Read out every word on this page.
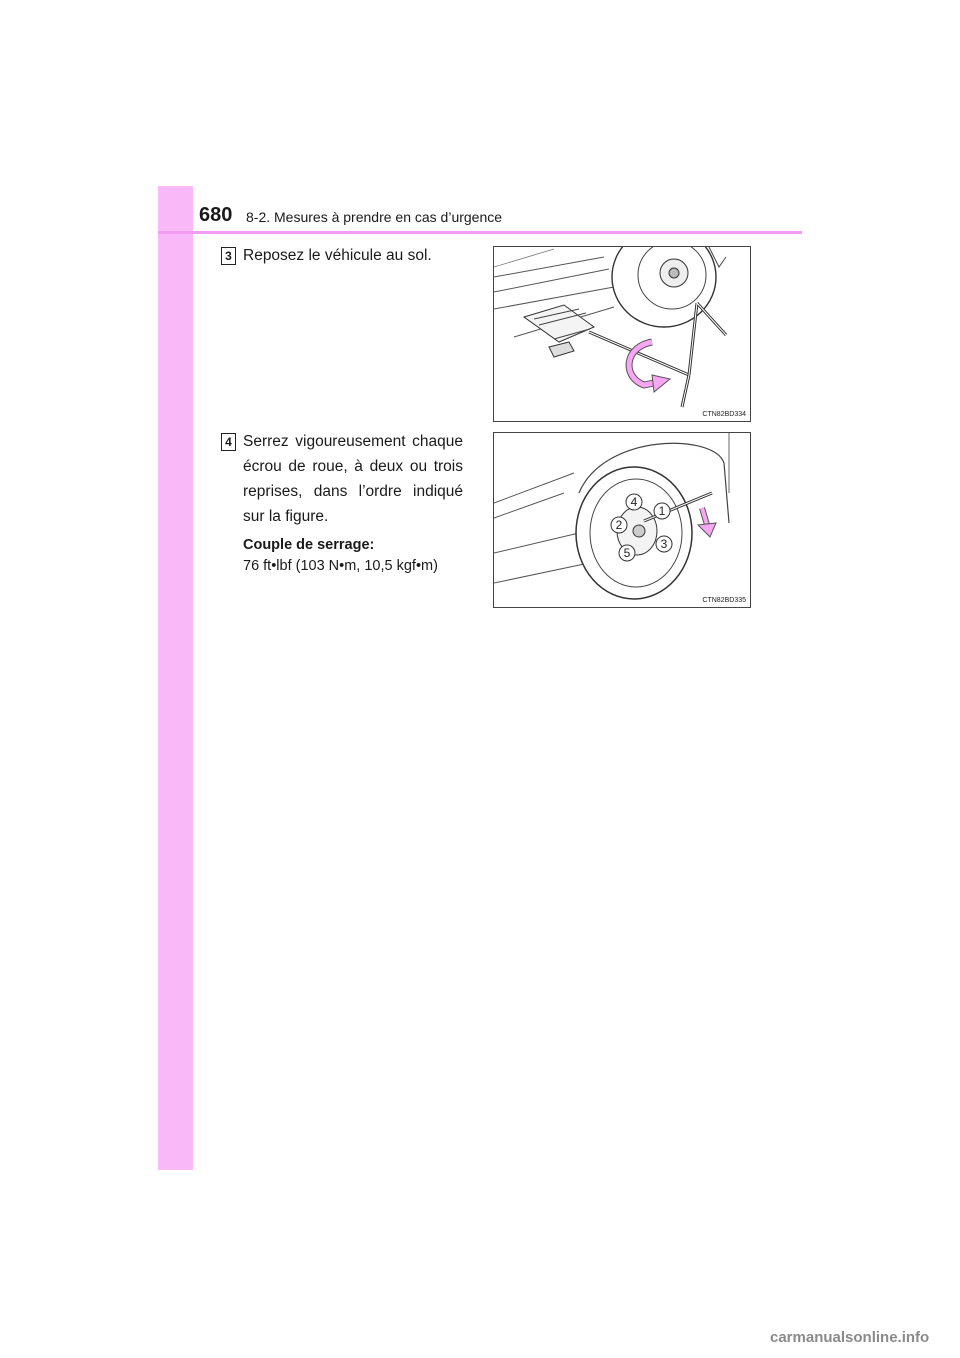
680 8-2. Mesures à prendre en cas d’urgence
3 Reposez le véhicule au sol.

CTN82BD334
4 Serrez vigoureusement chaque écrou de roue, à deux ou trois reprises, dans l’ordre indiqué sur la figure.

Couple de serrage:
76 ft•lbf (103 N•m, 10,5 kgf•m)

1
2
3
4
5
CTN82BD335
carmanualsonline.info
